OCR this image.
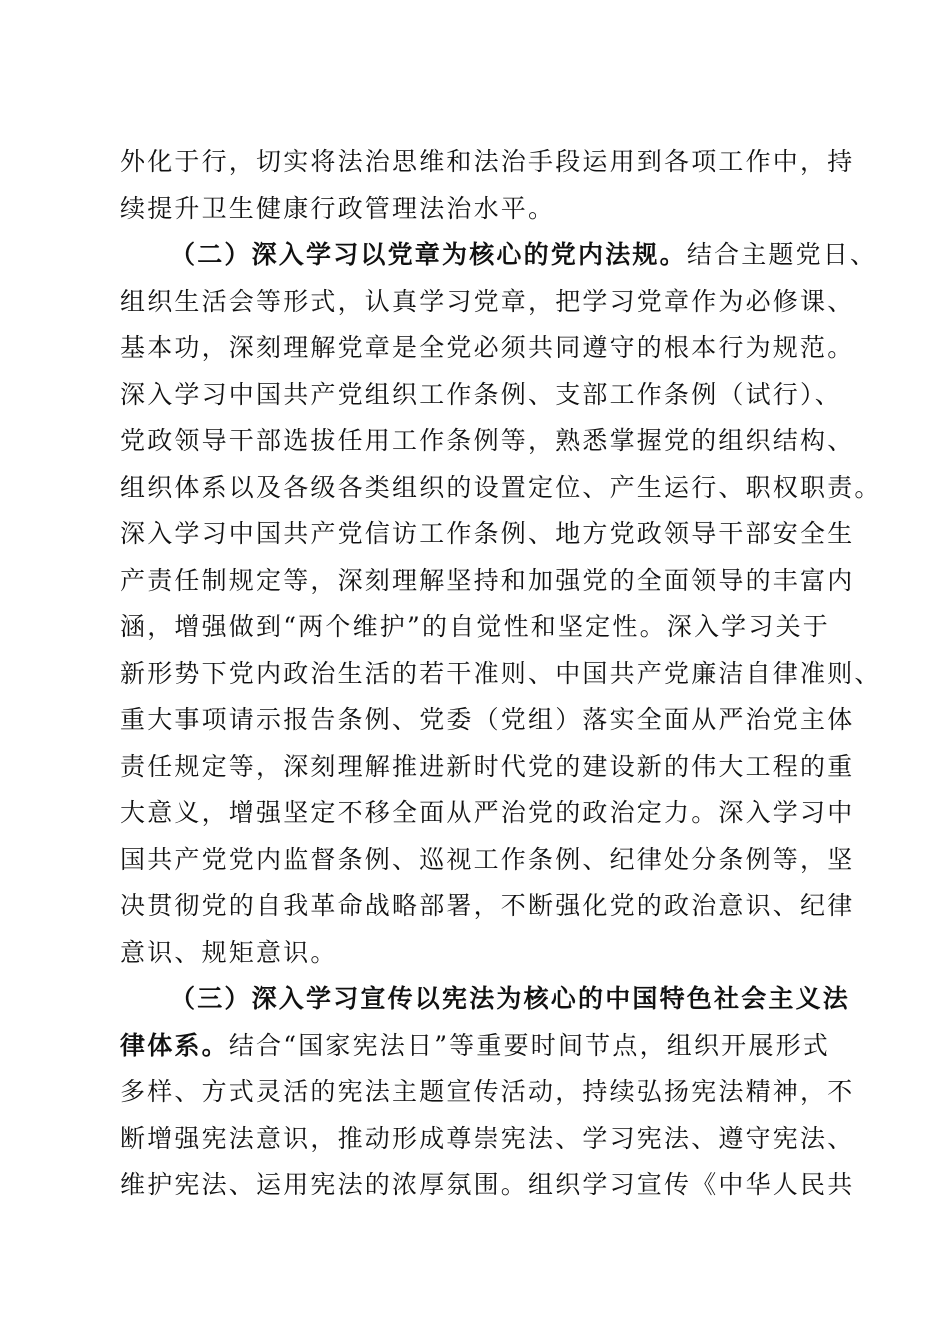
外化于行，切实将法治思维和法治手段运用到各项工作中，持
续提升卫生健康行政管理法治水平。
（二）深入学习以党章为核心的党内法规。结合主题党日、
组织生活会等形式，认真学习党章，把学习党章作为必修课、
基本功，深刻理解党章是全党必须共同遵守的根本行为规范。
深入学习中国共产党组织工作条例、支部工作条例（试行）、
党政领导干部选拔任用工作条例等，熟悉掌握党的组织结构、
组织体系以及各级各类组织的设置定位、产生运行、职权职责。
深入学习中国共产党信访工作条例、地方党政领导干部安全生
产责任制规定等，深刻理解坚持和加强党的全面领导的丰富内
涵，增强做到“两个维护”的自觉性和坚定性。深入学习关于
新形势下党内政治生活的若干准则、中国共产党廉洁自律准则、
重大事项请示报告条例、党委（党组）落实全面从严治党主体
责任规定等，深刻理解推进新时代党的建设新的伟大工程的重
大意义，增强坚定不移全面从严治党的政治定力。深入学习中
国共产党党内监督条例、巡视工作条例、纪律处分条例等，坚
决贯彻党的自我革命战略部署，不断强化党的政治意识、纪律
意识、规矩意识。
（三）深入学习宣传以宪法为核心的中国特色社会主义法
律体系。结合“国家宪法日”等重要时间节点，组织开展形式
多样、方式灵活的宪法主题宣传活动，持续弘扬宪法精神，不
断增强宪法意识，推动形成尊崇宪法、学习宪法、遵守宪法、
维护宪法、运用宪法的浓厚氛围。组织学习宣传《中华人民共
